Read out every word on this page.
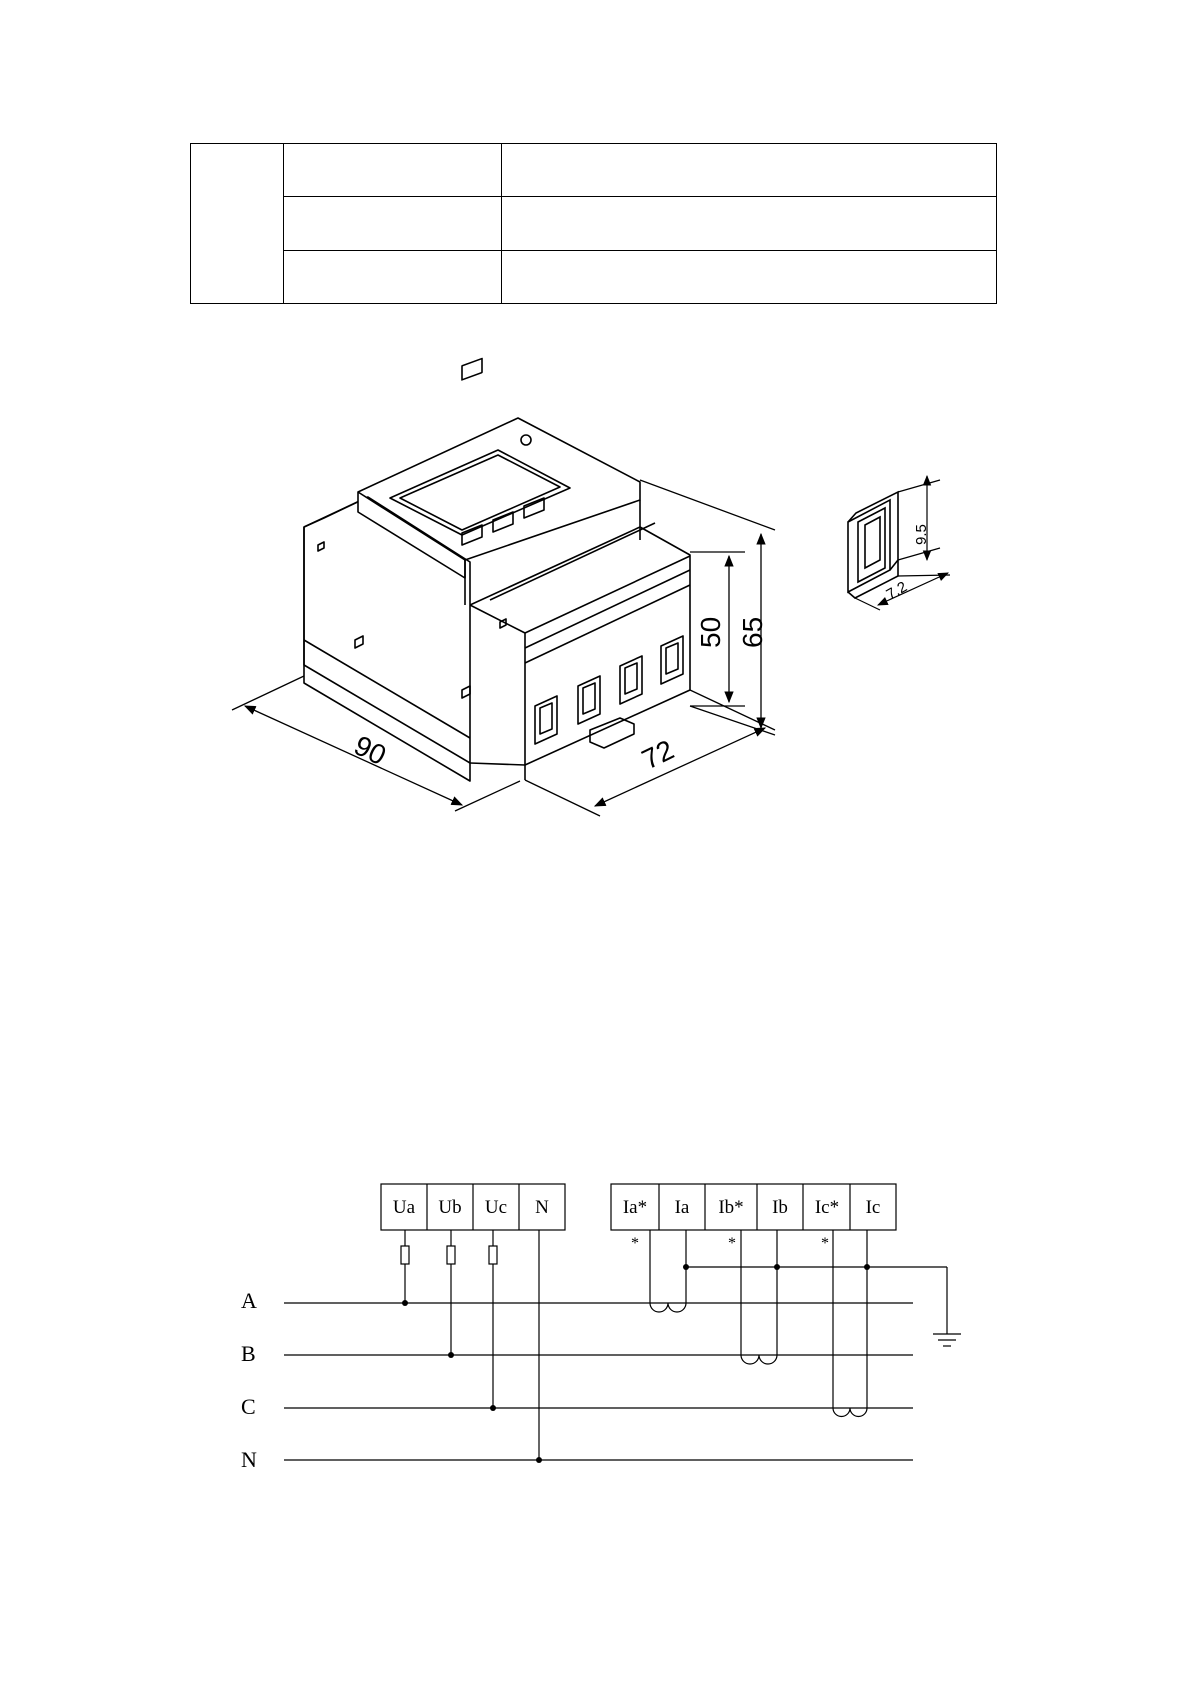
90	72
50 65
9.5
7.2
Ua Ub Uc N	Ia* Ia Ib* Ib Ic* Ic
*	*	*
A
B
C
N
